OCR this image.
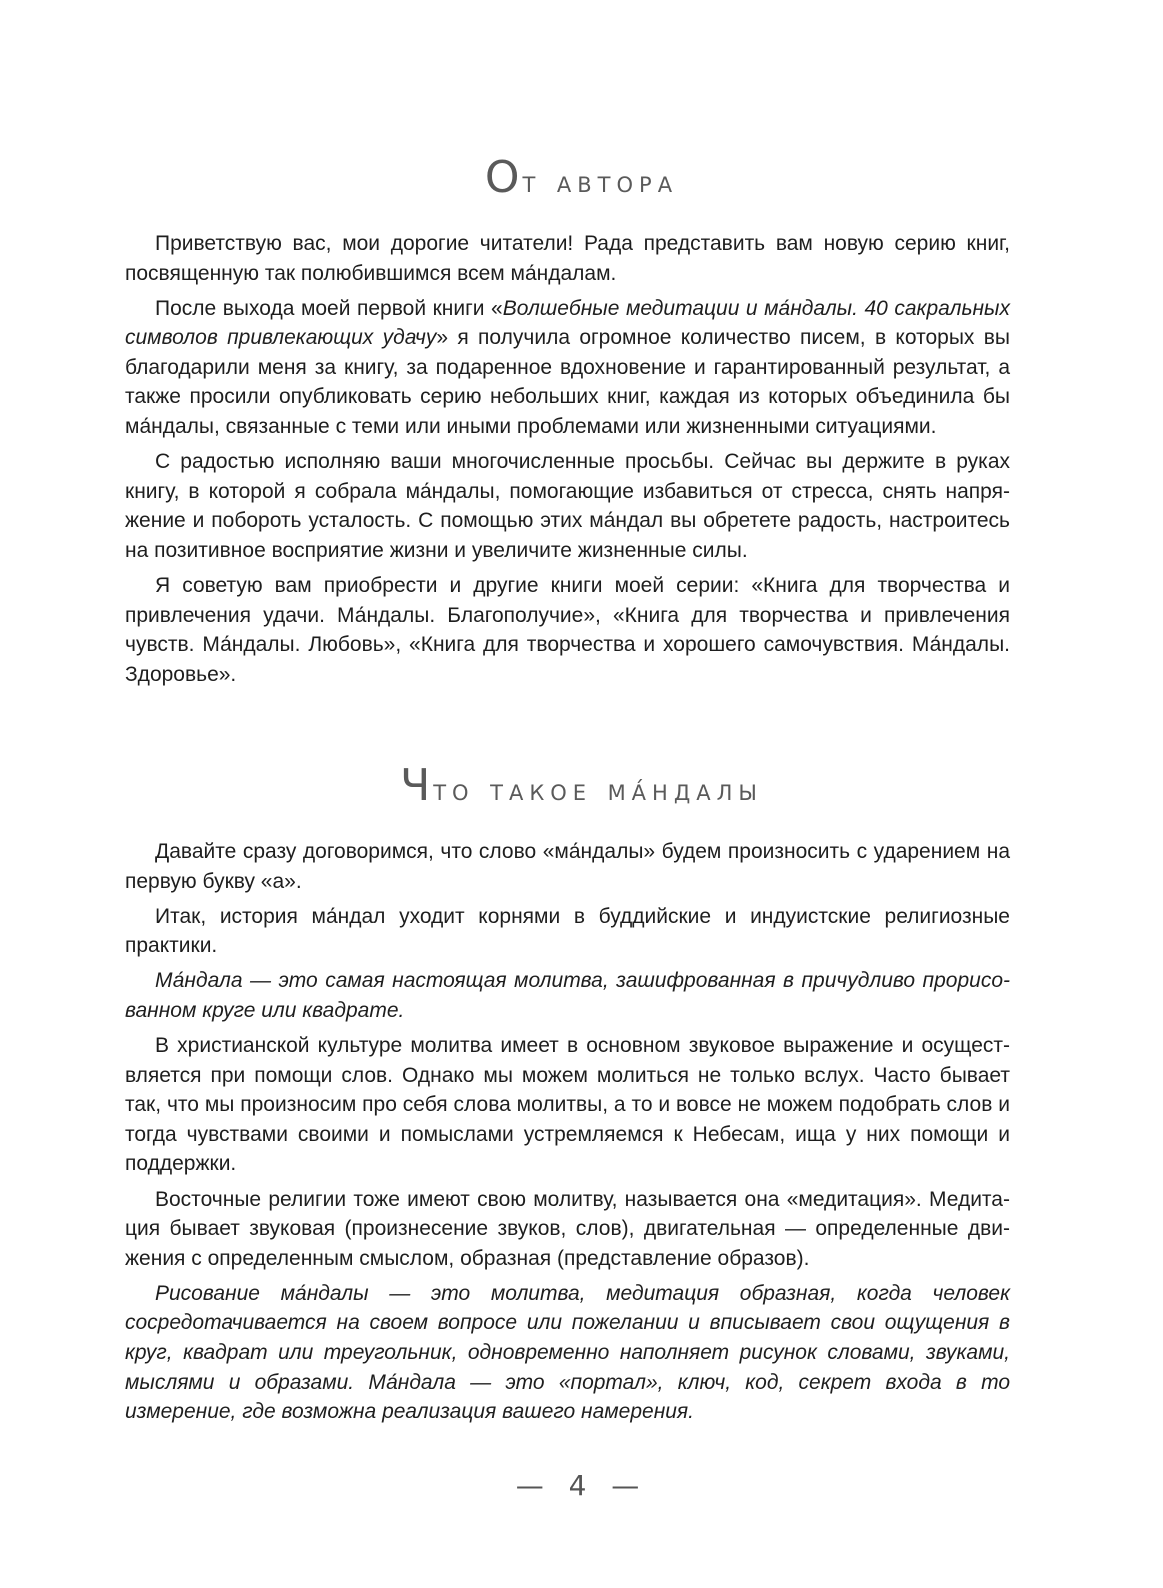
От автора

Приветствую вас, мои дорогие читатели! Рада представить вам новую серию книг, посвященную так полюбившимся всем ма́ндалам.

После выхода моей первой книги «Волшебные медитации и ма́ндалы. 40 сакральных символов привлекающих удачу» я получила огромное количество писем, в которых вы благодарили меня за книгу, за подаренное вдохновение и гарантированный результат, а также просили опубликовать серию небольших книг, каждая из которых объединила бы ма́ндалы, связанные с теми или иными проблемами или жизненными ситуациями.

С радостью исполняю ваши многочисленные просьбы. Сейчас вы держите в руках книгу, в которой я собрала ма́ндалы, помогающие избавиться от стресса, снять напряжение и побороть усталость. С помощью этих ма́ндал вы обретете радость, настроитесь на позитивное восприятие жизни и увеличите жизненные силы.

Я советую вам приобрести и другие книги моей серии: «Книга для творчества и привлечения удачи. Ма́ндалы. Благополучие», «Книга для творчества и привлечения чувств. Ма́ндалы. Любовь», «Книга для творчества и хорошего самочувствия. Ма́ндалы. Здоровье».

Что такое ма́ндалы

Давайте сразу договоримся, что слово «ма́ндалы» будем произносить с ударением на первую букву «а».

Итак, история ма́ндал уходит корнями в буддийские и индуистские религиозные практики.

Ма́ндала — это самая настоящая молитва, зашифрованная в причудливо прорисованном круге или квадрате.

В христианской культуре молитва имеет в основном звуковое выражение и осуществляется при помощи слов. Однако мы можем молиться не только вслух. Часто бывает так, что мы произносим про себя слова молитвы, а то и вовсе не можем подобрать слов и тогда чувствами своими и помыслами устремляемся к Небесам, ища у них помощи и поддержки.

Восточные религии тоже имеют свою молитву, называется она «медитация». Медитация бывает звуковая (произнесение звуков, слов), двигательная — определенные движения с определенным смыслом, образная (представление образов).

Рисование ма́ндалы — это молитва, медитация образная, когда человек сосредотачивается на своем вопросе или пожелании и вписывает свои ощущения в круг, квадрат или треугольник, одновременно наполняет рисунок словами, звуками, мыслями и образами. Ма́ндала — это «портал», ключ, код, секрет входа в то измерение, где возможна реализация вашего намерения.

— 4 —
